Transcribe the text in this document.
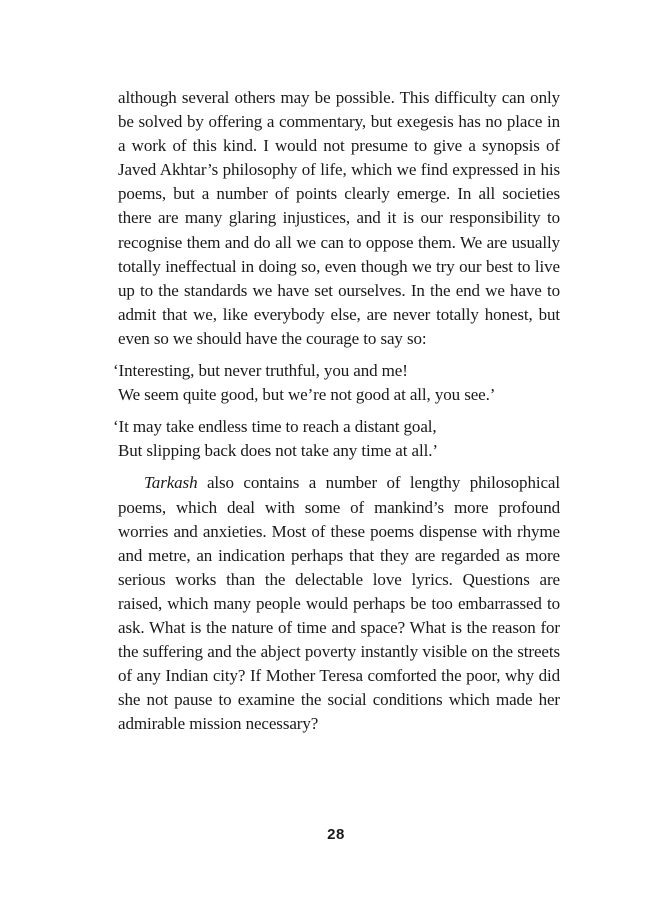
although several others may be possible. This difficulty can only be solved by offering a commentary, but exegesis has no place in a work of this kind. I would not presume to give a synopsis of Javed Akhtar’s philosophy of life, which we find expressed in his poems, but a number of points clearly emerge. In all societies there are many glaring injustices, and it is our responsibility to recognise them and do all we can to oppose them. We are usually totally ineffectual in doing so, even though we try our best to live up to the standards we have set ourselves. In the end we have to admit that we, like everybody else, are never totally honest, but even so we should have the courage to say so:

‘Interesting, but never truthful, you and me!
We seem quite good, but we’re not good at all, you see.’
‘It may take endless time to reach a distant goal,
But slipping back does not take any time at all.’

Tarkash also contains a number of lengthy philosophical poems, which deal with some of mankind’s more profound worries and anxieties. Most of these poems dispense with rhyme and metre, an indication perhaps that they are regarded as more serious works than the delectable love lyrics. Questions are raised, which many people would perhaps be too embarrassed to ask. What is the nature of time and space? What is the reason for the suffering and the abject poverty instantly visible on the streets of any Indian city? If Mother Teresa comforted the poor, why did she not pause to examine the social conditions which made her admirable mission necessary?

28
